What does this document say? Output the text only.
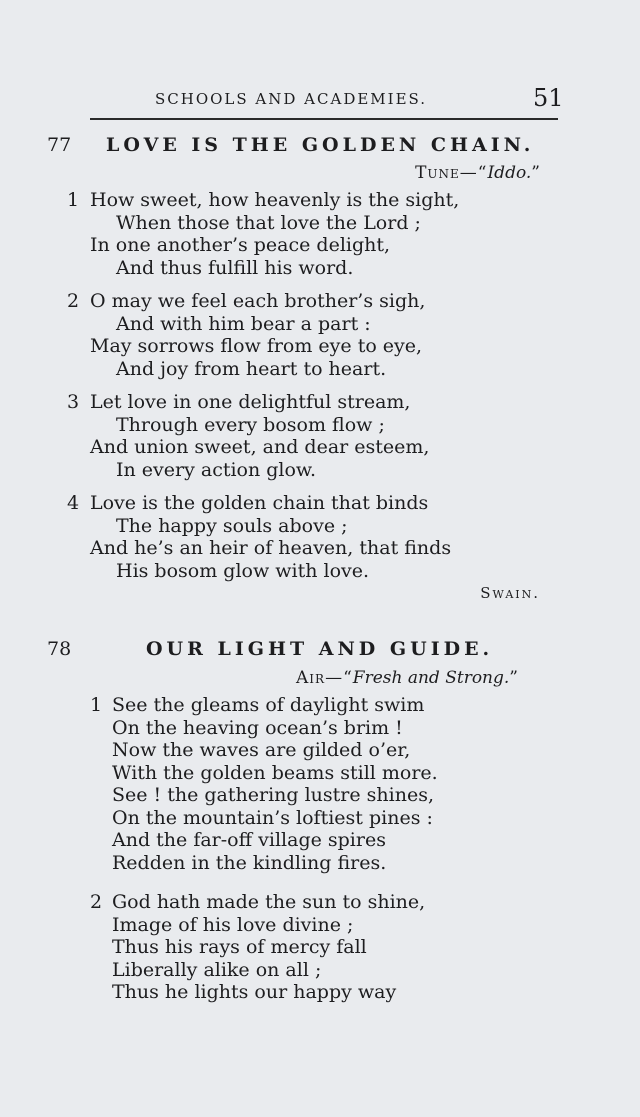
SCHOOLS AND ACADEMIES.	51
77 LOVE IS THE GOLDEN CHAIN.
Tune—“Iddo.”
1 How sweet, how heavenly is the sight,
When those that love the Lord ;
In one another’s peace delight,
And thus fulfill his word.
2 O may we feel each brother’s sigh,
And with him bear a part :
May sorrows flow from eye to eye,
And joy from heart to heart.
3 Let love in one delightful stream,
Through every bosom flow ;
And union sweet, and dear esteem,
In every action glow.
4 Love is the golden chain that binds
The happy souls above ;
And he’s an heir of heaven, that finds
His bosom glow with love.
Swain.
78	OUR LIGHT AND GUIDE.
Air—“Fresh and Strong.”
1 See the gleams of daylight swim
On the heaving ocean’s brim !
Now the waves are gilded o’er,
With the golden beams still more.
See ! the gathering lustre shines,
On the mountain’s loftiest pines :
And the far-off village spires
Redden in the kindling fires.
2 God hath made the sun to shine,
Image of his love divine ;
Thus his rays of mercy fall
Liberally alike on all ;
Thus he lights our happy way
